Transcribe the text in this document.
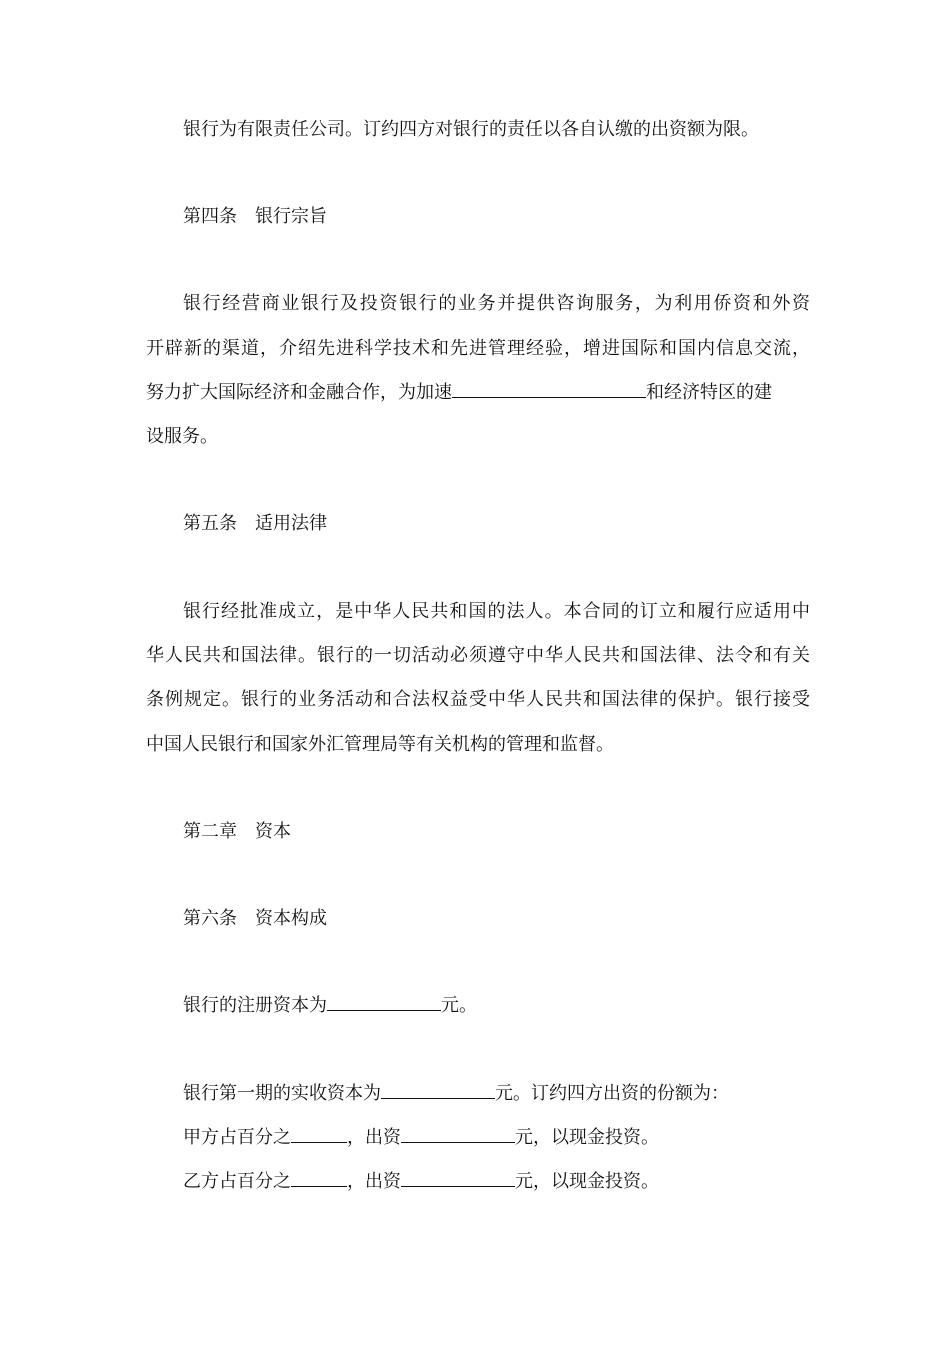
银行为有限责任公司。订约四方对银行的责任以各自认缴的出资额为限。
第四条　银行宗旨
银行经营商业银行及投资银行的业务并提供咨询服务，为利用侨资和外资
开辟新的渠道，介绍先进科学技术和先进管理经验，增进国际和国内信息交流，
努力扩大国际经济和金融合作，为加速	和经济特区的建
设服务。
第五条　适用法律
银行经批准成立，是中华人民共和国的法人。本合同的订立和履行应适用中
华人民共和国法律。银行的一切活动必须遵守中华人民共和国法律、法令和有关
条例规定。银行的业务活动和合法权益受中华人民共和国法律的保护。银行接受
中国人民银行和国家外汇管理局等有关机构的管理和监督。
第二章　资本
第六条　资本构成
银行的注册资本为	元。
银行第一期的实收资本为	元。订约四方出资的份额为：
甲方占百分之	，出资	元，以现金投资。
乙方占百分之	，出资	元，以现金投资。
